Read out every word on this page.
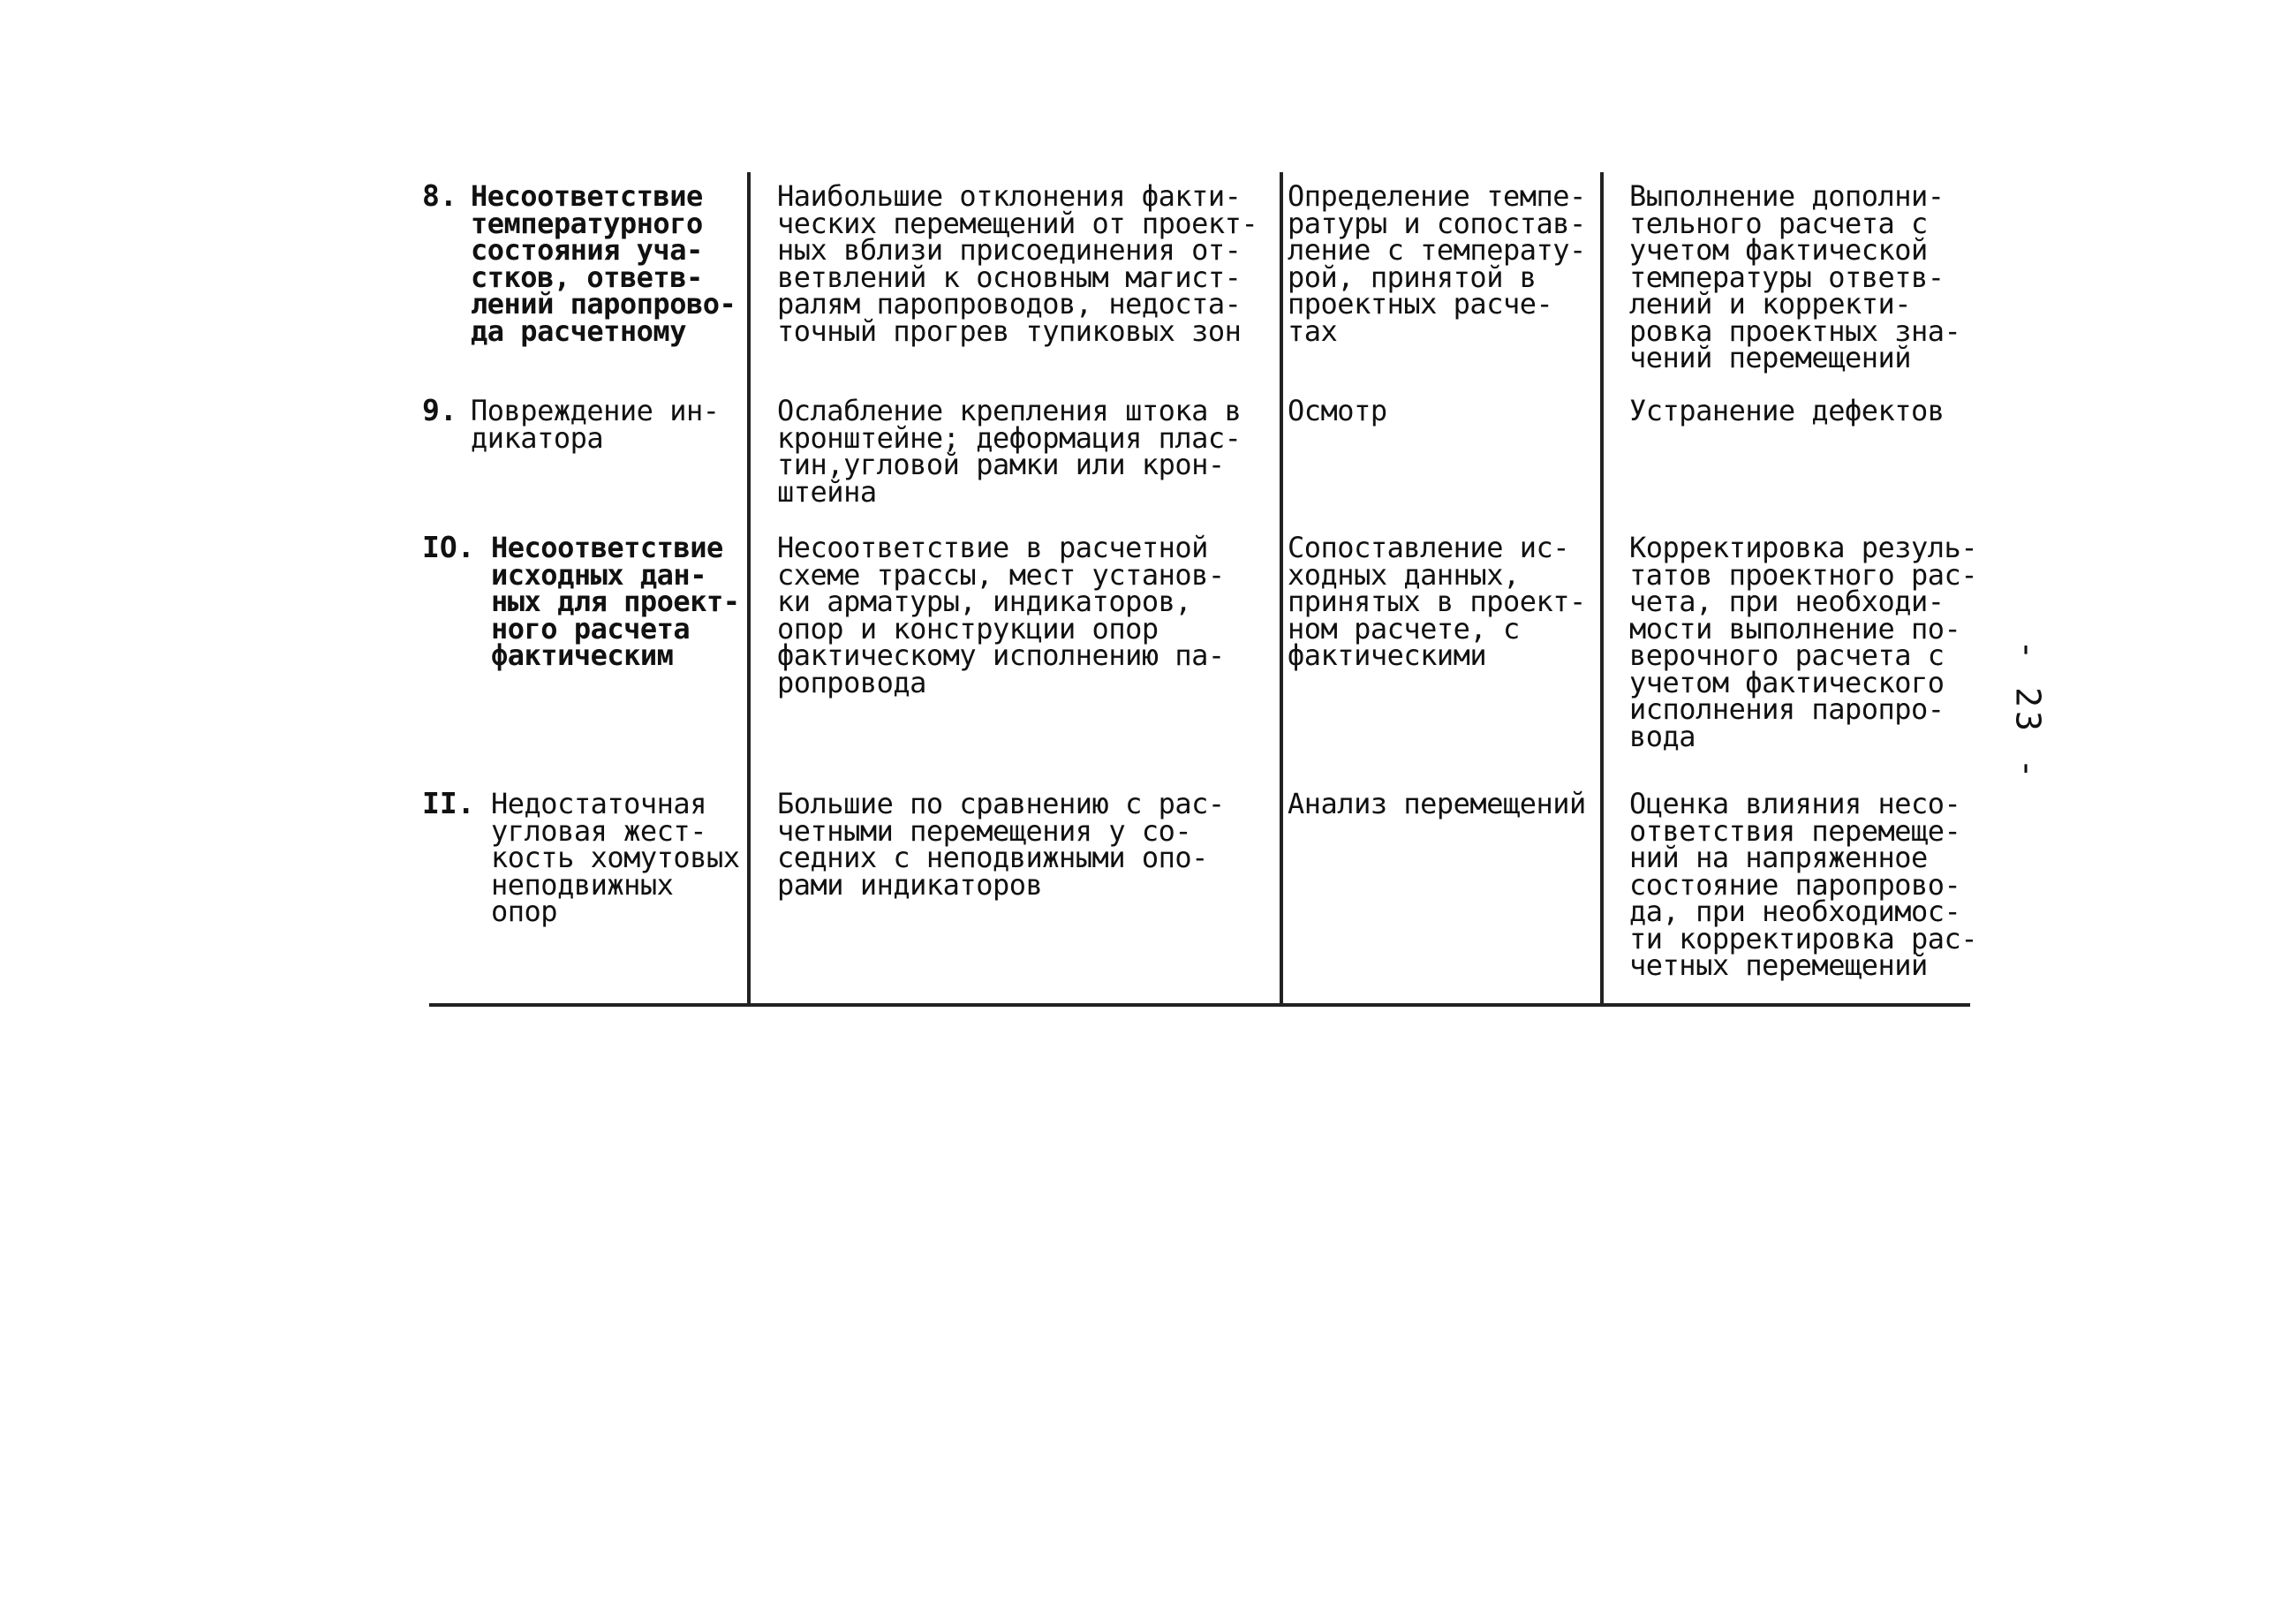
8. Несоответствие
температурного
состояния уча-
стков, ответв-
лений паропрово-
да расчетному
Наибольшие отклонения факти-
ческих перемещений от проект-
ных вблизи присоединения от-
ветвлений к основным магист-
ралям паропроводов, недоста-
точный прогрев тупиковых зон
Определение темпе-
ратуры и сопостав-
ление с температу-
рой, принятой в
проектных расче-
тах
Выполнение дополни-
тельного расчета с
учетом фактической
температуры ответв-
лений и корректи-
ровка проектных зна-
чений перемещений
9. Повреждение ин-
дикатора
Ослабление крепления штока в
кронштейне; деформация плас-
тин,угловой рамки или крон-
штейна
Осмотр	Устранение дефектов
IO. Несоответствие
исходных дан-
ных для проект-
ного расчета
фактическим
Несоответствие в расчетной
схеме трассы, мест установ-
ки арматуры, индикаторов,
опор и конструкции опор
фактическому исполнению па-
ропровода
Сопоставление ис-
ходных данных,
принятых в проект-
ном расчете, с
фактическими
Корректировка резуль-
татов проектного рас-
чета, при необходи-
мости выполнение по-
верочного расчета с
учетом фактического
исполнения паропро-
вода
II. Недостаточная
угловая жест-
кость хомутовых
неподвижных
опор
Большие по сравнению с рас-
четными перемещения у со-
седних с неподвижными опо-
рами индикаторов
Анализ перемещений Оценка влияния несо-
ответствия перемеще-
ний на напряженное
состояние паропрово-
да, при необходимос-
ти корректировка рас-
четных перемещений
- 23 -
